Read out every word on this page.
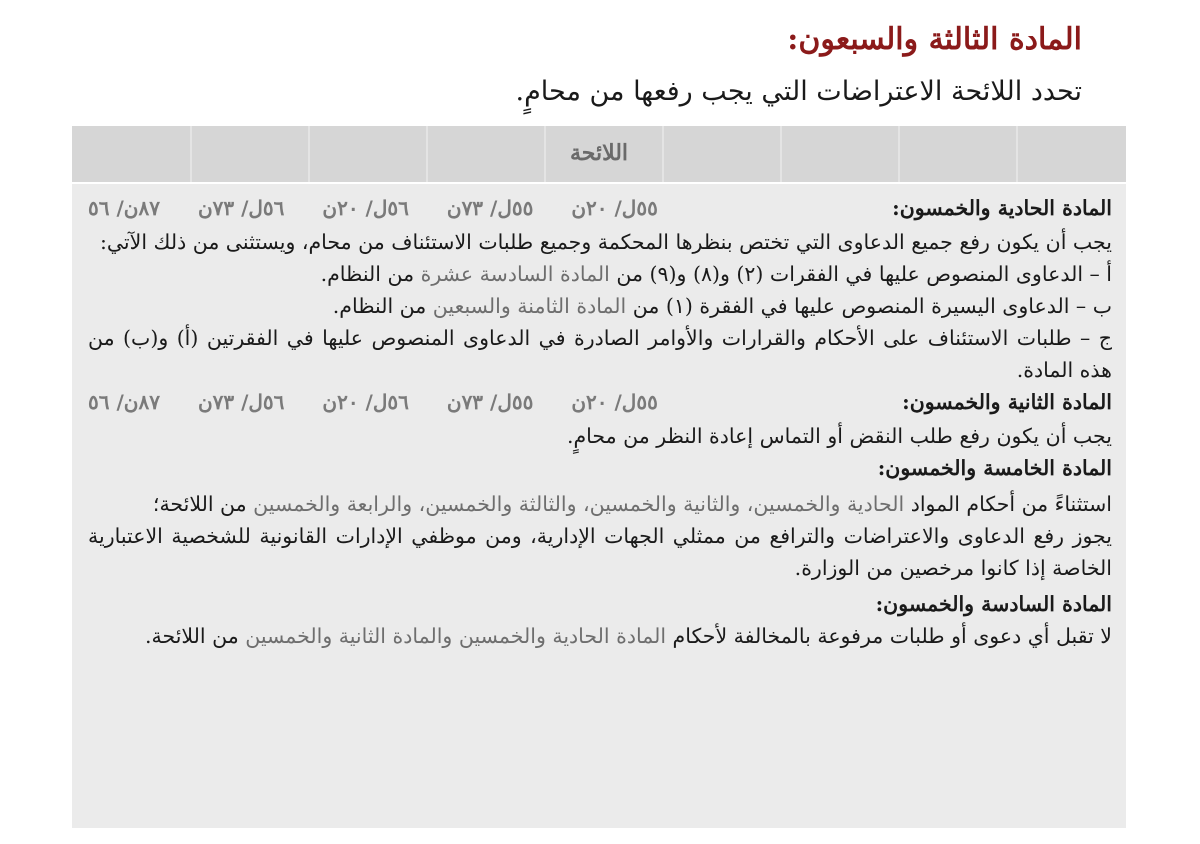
المادة الثالثة والسبعون:
تحدد اللائحة الاعتراضات التي يجب رفعها من محامٍ.
اللائحة
المادة الحادية والخمسون:
٥٥ل/ ٢٠ن
٥٥ل/ ٧٣ن
٥٦ل/ ٢٠ن
٥٦ل/ ٧٣ن
٨٧ن/ ٥٦

يجب أن يكون رفع جميع الدعاوى التي تختص بنظرها المحكمة وجميع طلبات الاستئناف من محام، ويستثنى من ذلك الآتي:

أ – الدعاوى المنصوص عليها في الفقرات (٢) و(٨) و(٩) من المادة السادسة عشرة من النظام.

ب – الدعاوى اليسيرة المنصوص عليها في الفقرة (١) من المادة الثامنة والسبعين من النظام.

ج – طلبات الاستئناف على الأحكام والقرارات والأوامر الصادرة في الدعاوى المنصوص عليها في الفقرتين (أ) و(ب) من هذه المادة.

المادة الثانية والخمسون:
٥٥ل/ ٢٠ن
٥٥ل/ ٧٣ن
٥٦ل/ ٢٠ن
٥٦ل/ ٧٣ن
٨٧ن/ ٥٦

يجب أن يكون رفع طلب النقض أو التماس إعادة النظر من محامٍ.

المادة الخامسة والخمسون:

استثناءً من أحكام المواد الحادية والخمسين، والثانية والخمسين، والثالثة والخمسين، والرابعة والخمسين من اللائحة؛

يجوز رفع الدعاوى والاعتراضات والترافع من ممثلي الجهات الإدارية، ومن موظفي الإدارات القانونية للشخصية الاعتبارية الخاصة إذا كانوا مرخصين من الوزارة.

المادة السادسة والخمسون:

لا تقبل أي دعوى أو طلبات مرفوعة بالمخالفة لأحكام المادة الحادية والخمسين والمادة الثانية والخمسين من اللائحة.
